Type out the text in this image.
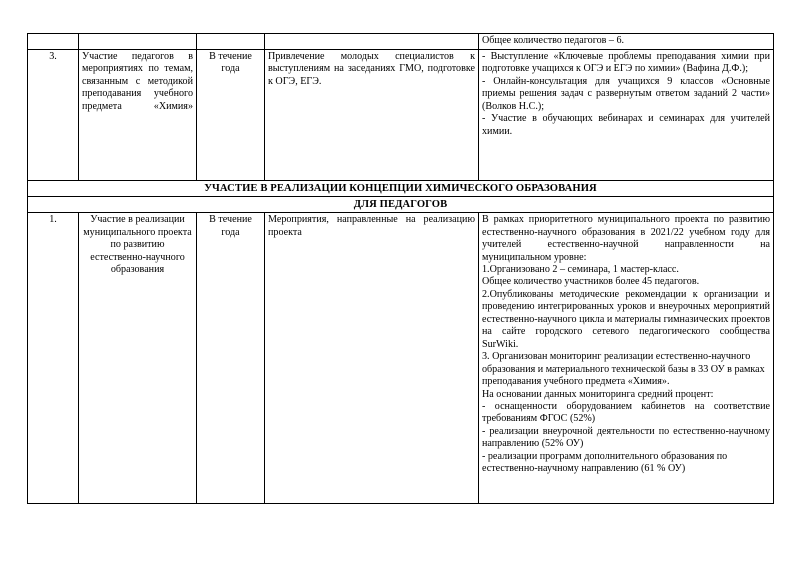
				Общее количество педагогов – 6.
3.	Участие педагогов в мероприятиях по темам, связанным с методикой преподавания учебного предмета «Химия»	В течение года	Привлечение молодых специалистов к выступлениям на заседаниях ГМО, подготовке к ОГЭ, ЕГЭ.	- Выступление «Ключевые проблемы преподавания химии при подготовке учащихся к ОГЭ и ЕГЭ по химии» (Вафина Д.Ф.);

- Онлайн-консультация для учащихся 9 классов «Основные приемы решения задач с развернутым ответом заданий 2 части» (Волков Н.С.);

- Участие в обучающих вебинарах и семинарах для учителей химии.

УЧАСТИЕ В РЕАЛИЗАЦИИ КОНЦЕПЦИИ ХИМИЧЕСКОГО ОБРАЗОВАНИЯ				
ДЛЯ ПЕДАГОГОВ				
1.	Участие в реализации муниципального проекта по развитию естественно-научного образования	В течение года	Мероприятия, направленные на реализацию проекта	

В рамках приоритетного муниципального проекта по развитию естественно-научного образования в 2021/22 учебном году для учителей естественно-научной направленности на муниципальном уровне:

1.Организовано 2 – семинара, 1 мастер-класс.

Общее количество участников более 45 педагогов.

2.Опубликованы методические рекомендации к организации и проведению интегрированных уроков и внеурочных мероприятий естественно-научного цикла и материалы гимназических проектов на сайте городского сетевого педагогического сообщества SurWiki.

3. Организован мониторинг реализации естественно-научного образования и материального технической базы в 33 ОУ в рамках преподавания учебного предмета «Химия».

На основании данных мониторинга средний процент:

- оснащенности оборудованием кабинетов на соответствие требованиям ФГОС (52%)

- реализации внеурочной деятельности по естественно-научному направлению (52% ОУ)

- реализации программ дополнительного образования по естественно-научному направлению (61 % ОУ)
